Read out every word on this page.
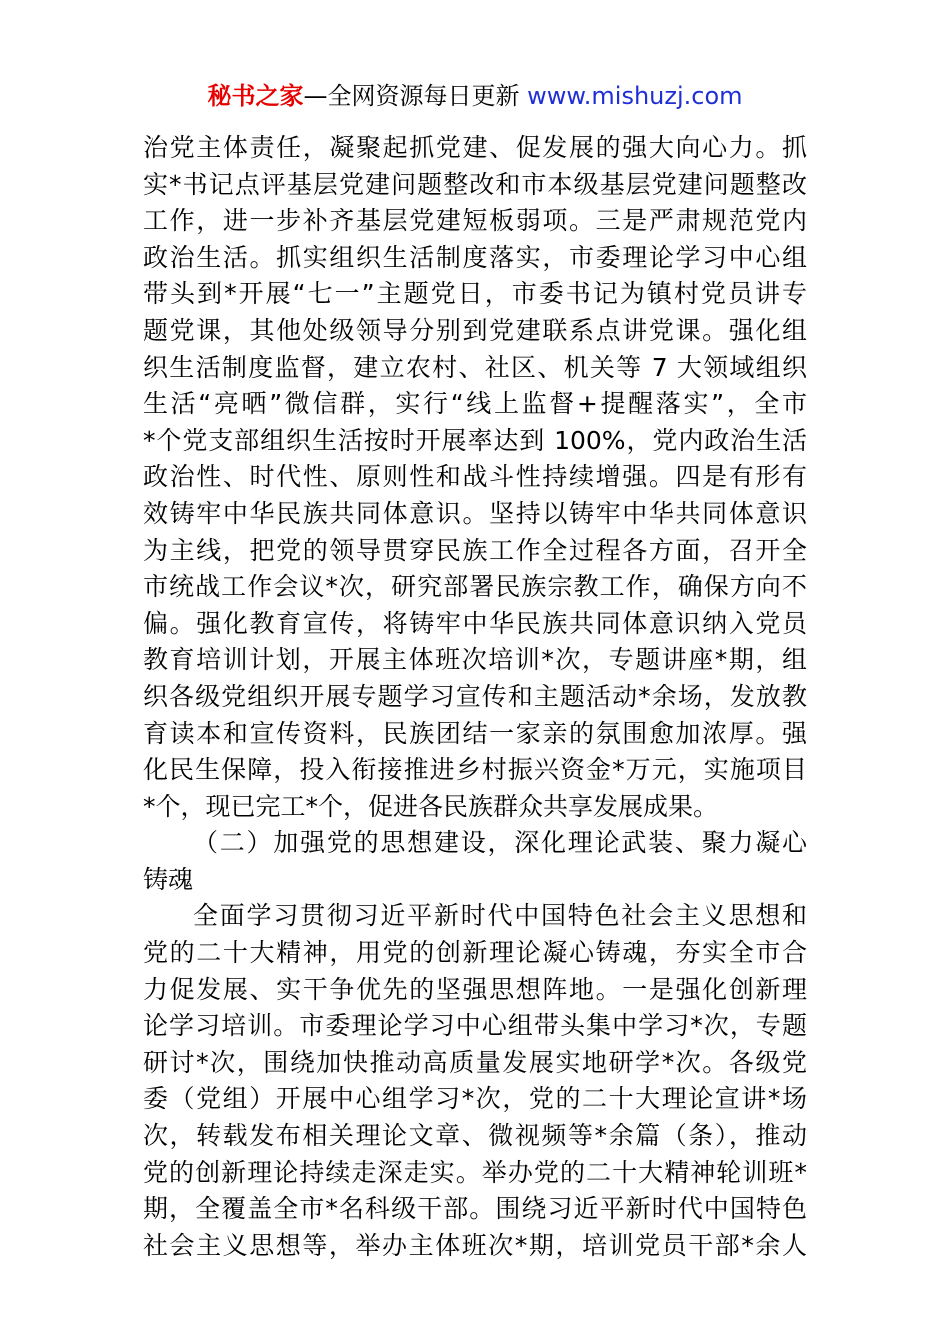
秘书之家—全网资源每日更新 www.mishuzj.com
治党主体责任，凝聚起抓党建、促发展的强大向心力。抓
实*书记点评基层党建问题整改和市本级基层党建问题整改
工作，进一步补齐基层党建短板弱项。三是严肃规范党内
政治生活。抓实组织生活制度落实，市委理论学习中心组
带头到*开展“七一”主题党日，市委书记为镇村党员讲专
题党课，其他处级领导分别到党建联系点讲党课。强化组
织生活制度监督，建立农村、社区、机关等 7 大领域组织
生活“亮晒”微信群，实行“线上监督+提醒落实”，全市
*个党支部组织生活按时开展率达到 100%，党内政治生活
政治性、时代性、原则性和战斗性持续增强。四是有形有
效铸牢中华民族共同体意识。坚持以铸牢中华共同体意识
为主线，把党的领导贯穿民族工作全过程各方面，召开全
市统战工作会议*次，研究部署民族宗教工作，确保方向不
偏。强化教育宣传，将铸牢中华民族共同体意识纳入党员
教育培训计划，开展主体班次培训*次，专题讲座*期，组
织各级党组织开展专题学习宣传和主题活动*余场，发放教
育读本和宣传资料，民族团结一家亲的氛围愈加浓厚。强
化民生保障，投入衔接推进乡村振兴资金*万元，实施项目
*个，现已完工*个，促进各民族群众共享发展成果。
（二）加强党的思想建设，深化理论武装、聚力凝心
铸魂
全面学习贯彻习近平新时代中国特色社会主义思想和
党的二十大精神，用党的创新理论凝心铸魂，夯实全市合
力促发展、实干争优先的坚强思想阵地。一是强化创新理
论学习培训。市委理论学习中心组带头集中学习*次，专题
研讨*次，围绕加快推动高质量发展实地研学*次。各级党
委（党组）开展中心组学习*次，党的二十大理论宣讲*场
次，转载发布相关理论文章、微视频等*余篇（条），推动
党的创新理论持续走深走实。举办党的二十大精神轮训班*
期，全覆盖全市*名科级干部。围绕习近平新时代中国特色
社会主义思想等，举办主体班次*期，培训党员干部*余人
